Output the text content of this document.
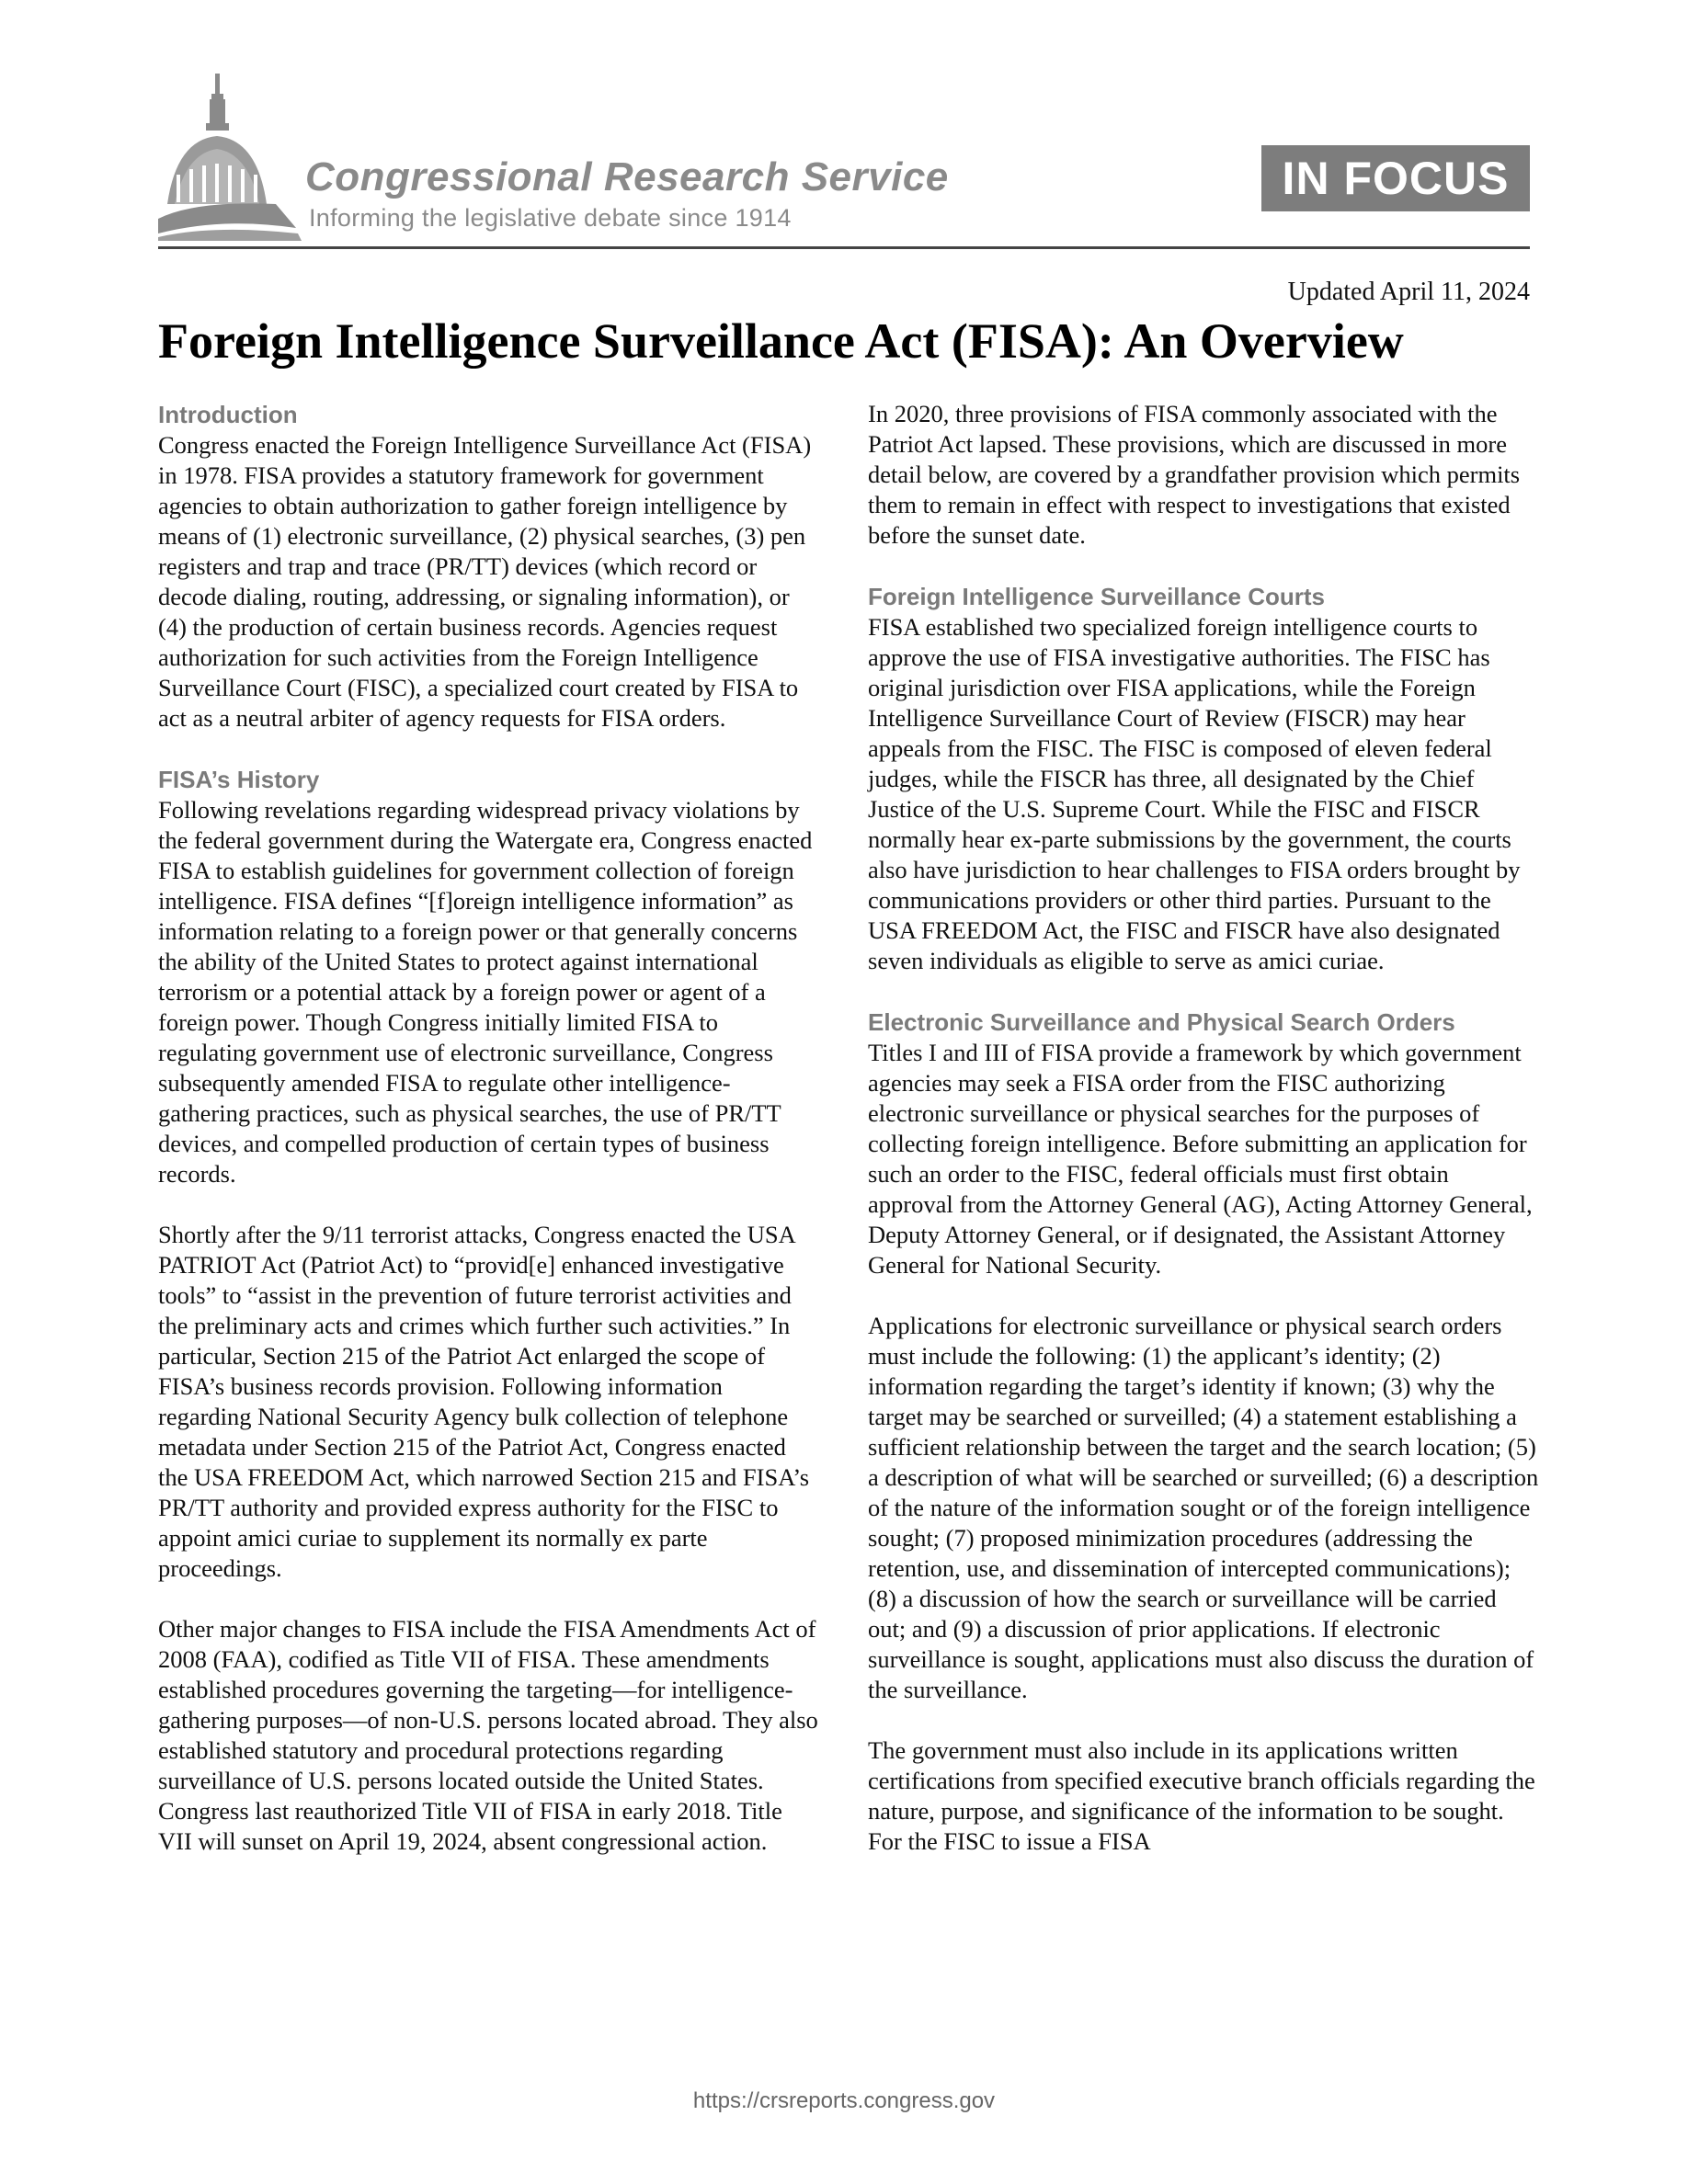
Congressional Research Service
Informing the legislative debate since 1914
IN FOCUS
Updated April 11, 2024
Foreign Intelligence Surveillance Act (FISA): An Overview
Introduction

Congress enacted the Foreign Intelligence Surveillance Act (FISA) in 1978. FISA provides a statutory framework for government agencies to obtain authorization to gather foreign intelligence by means of (1) electronic surveillance, (2) physical searches, (3) pen registers and trap and trace (PR/TT) devices (which record or decode dialing, routing, addressing, or signaling information), or (4) the production of certain business records. Agencies request authorization for such activities from the Foreign Intelligence Surveillance Court (FISC), a specialized court created by FISA to act as a neutral arbiter of agency requests for FISA orders.

FISA’s History

Following revelations regarding widespread privacy violations by the federal government during the Watergate era, Congress enacted FISA to establish guidelines for government collection of foreign intelligence. FISA defines “[f]oreign intelligence information” as information relating to a foreign power or that generally concerns the ability of the United States to protect against international terrorism or a potential attack by a foreign power or agent of a foreign power. Though Congress initially limited FISA to regulating government use of electronic surveillance, Congress subsequently amended FISA to regulate other intelligence-gathering practices, such as physical searches, the use of PR/TT devices, and compelled production of certain types of business records.

Shortly after the 9/11 terrorist attacks, Congress enacted the USA PATRIOT Act (Patriot Act) to “provid[e] enhanced investigative tools” to “assist in the prevention of future terrorist activities and the preliminary acts and crimes which further such activities.” In particular, Section 215 of the Patriot Act enlarged the scope of FISA’s business records provision. Following information regarding National Security Agency bulk collection of telephone metadata under Section 215 of the Patriot Act, Congress enacted the USA FREEDOM Act, which narrowed Section 215 and FISA’s PR/TT authority and provided express authority for the FISC to appoint amici curiae to supplement its normally ex parte proceedings.

Other major changes to FISA include the FISA Amendments Act of 2008 (FAA), codified as Title VII of FISA. These amendments established procedures governing the targeting—for intelligence-gathering purposes—of non-U.S. persons located abroad. They also established statutory and procedural protections regarding surveillance of U.S. persons located outside the United States. Congress last reauthorized Title VII of FISA in early 2018. Title VII will sunset on April 19, 2024, absent congressional action.

In 2020, three provisions of FISA commonly associated with the Patriot Act lapsed. These provisions, which are discussed in more detail below, are covered by a grandfather provision which permits them to remain in effect with respect to investigations that existed before the sunset date.

Foreign Intelligence Surveillance Courts

FISA established two specialized foreign intelligence courts to approve the use of FISA investigative authorities. The FISC has original jurisdiction over FISA applications, while the Foreign Intelligence Surveillance Court of Review (FISCR) may hear appeals from the FISC. The FISC is composed of eleven federal judges, while the FISCR has three, all designated by the Chief Justice of the U.S. Supreme Court. While the FISC and FISCR normally hear ex-parte submissions by the government, the courts also have jurisdiction to hear challenges to FISA orders brought by communications providers or other third parties. Pursuant to the USA FREEDOM Act, the FISC and FISCR have also designated seven individuals as eligible to serve as amici curiae.

Electronic Surveillance and Physical Search Orders

Titles I and III of FISA provide a framework by which government agencies may seek a FISA order from the FISC authorizing electronic surveillance or physical searches for the purposes of collecting foreign intelligence. Before submitting an application for such an order to the FISC, federal officials must first obtain approval from the Attorney General (AG), Acting Attorney General, Deputy Attorney General, or if designated, the Assistant Attorney General for National Security.

Applications for electronic surveillance or physical search orders must include the following: (1) the applicant’s identity; (2) information regarding the target’s identity if known; (3) why the target may be searched or surveilled; (4) a statement establishing a sufficient relationship between the target and the search location; (5) a description of what will be searched or surveilled; (6) a description of the nature of the information sought or of the foreign intelligence sought; (7) proposed minimization procedures (addressing the retention, use, and dissemination of intercepted communications); (8) a discussion of how the search or surveillance will be carried out; and (9) a discussion of prior applications. If electronic surveillance is sought, applications must also discuss the duration of the surveillance.

The government must also include in its applications written certifications from specified executive branch officials regarding the nature, purpose, and significance of the information to be sought. For the FISC to issue a FISA

https://crsreports.congress.gov
